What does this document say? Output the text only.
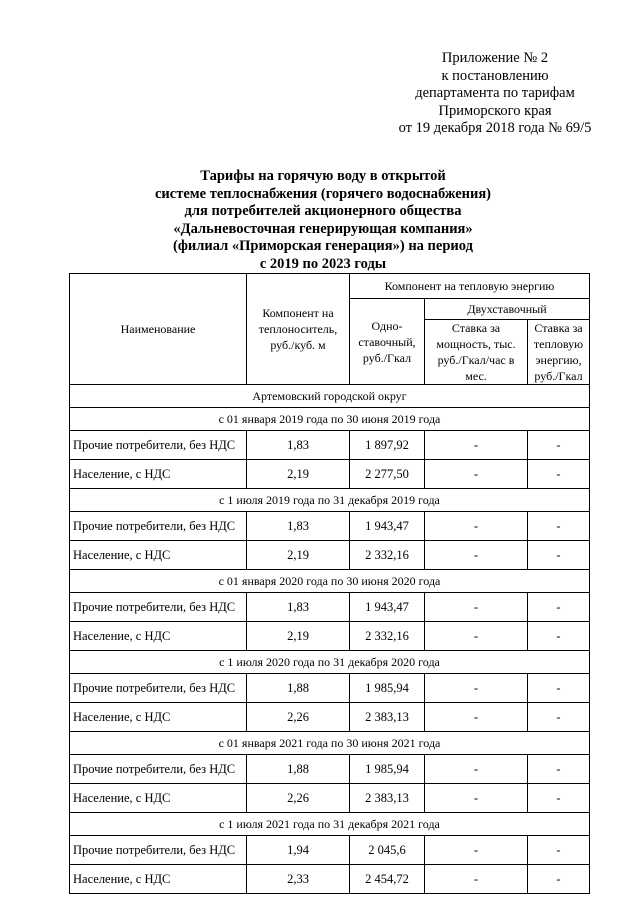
Приложение № 2
к постановлению
департамента по тарифам
Приморского края
от 19 декабря 2018 года № 69/5
Тарифы на горячую воду в открытой
системе теплоснабжения (горячего водоснабжения)
для потребителей акционерного общества
«Дальневосточная генерирующая компания»
(филиал «Приморская генерация») на период
с 2019 по 2023 годы
Наименование	Компонент на теплоноситель, руб./куб. м	Компонент на тепловую энергию		
		Одно-ставочный, руб./Гкал	Двухставочный	
			Ставка за мощность, тыс. руб./Гкал/час в мес.	Ставка за тепловую энергию, руб./Гкал
Артемовский городской округ				
с 01 января 2019 года по 30 июня 2019 года				
Прочие потребители, без НДС	1,83	1 897,92	-	-
Население, с НДС	2,19	2 277,50	-	-
с 1 июля 2019 года по 31 декабря 2019 года				
Прочие потребители, без НДС	1,83	1 943,47	-	-
Население, с НДС	2,19	2 332,16	-	-
с 01 января 2020 года по 30 июня 2020 года				
Прочие потребители, без НДС	1,83	1 943,47	-	-
Население, с НДС	2,19	2 332,16	-	-
с 1 июля 2020 года по 31 декабря 2020 года				
Прочие потребители, без НДС	1,88	1 985,94	-	-
Население, с НДС	2,26	2 383,13	-	-
с 01 января 2021 года по 30 июня 2021 года				
Прочие потребители, без НДС	1,88	1 985,94	-	-
Население, с НДС	2,26	2 383,13	-	-
с 1 июля 2021 года по 31 декабря 2021 года				
Прочие потребители, без НДС	1,94	2 045,6	-	-
Население, с НДС	2,33	2 454,72	-	-
